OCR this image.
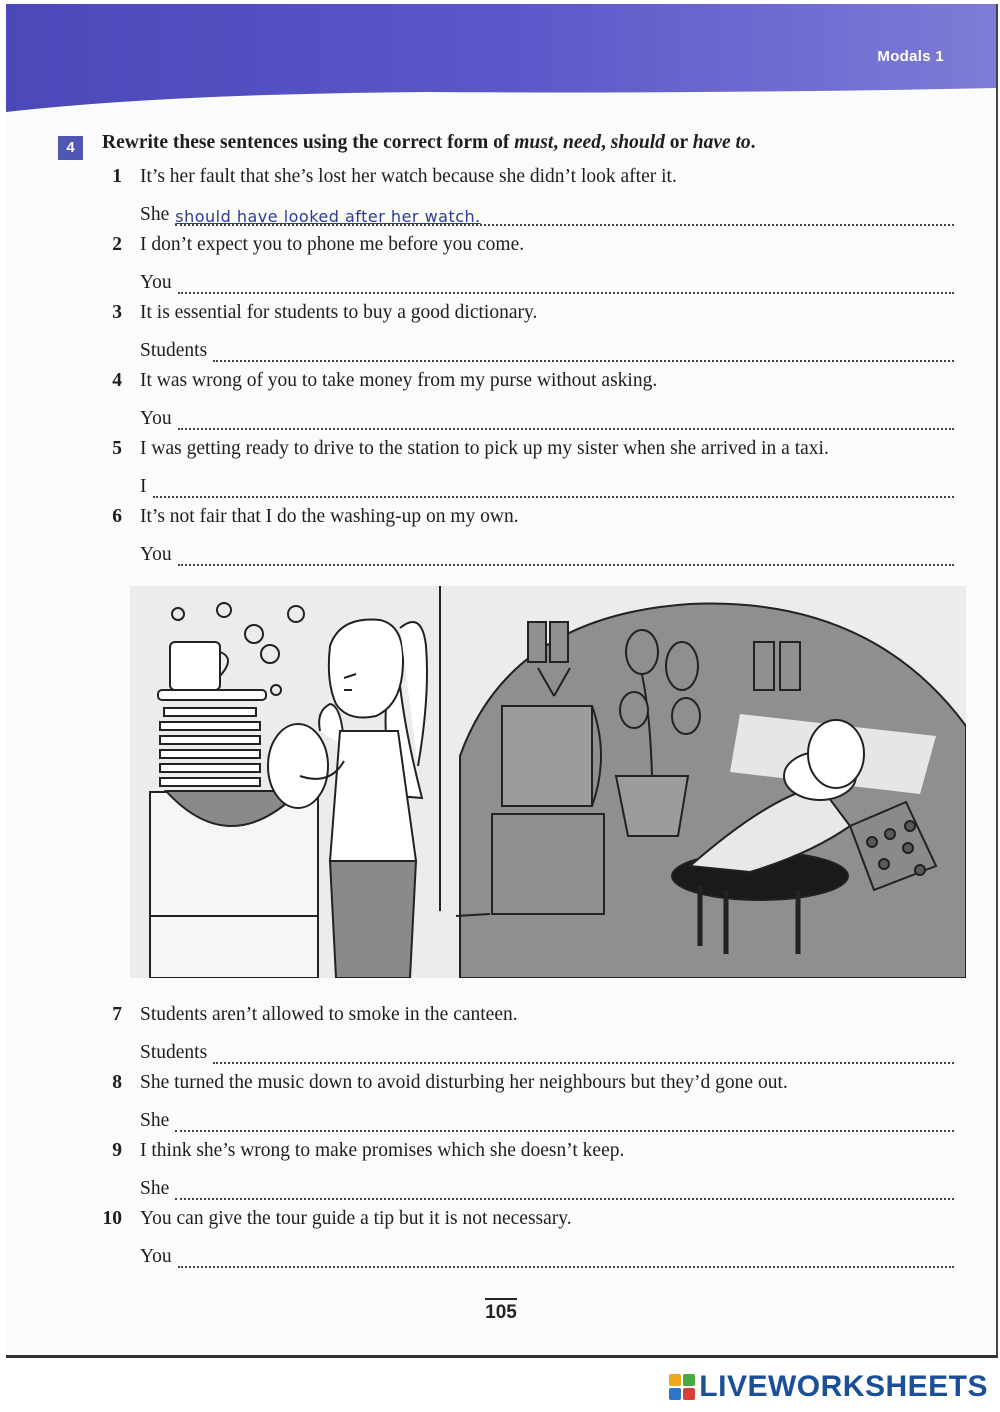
Modals 1
4	Rewrite these sentences using the correct form of must, need, should or have to.
1 It’s her fault that she’s lost her watch because she didn’t look after it.
She should have looked after her watch.
2 I don’t expect you to phone me before you come.
You
3 It is essential for students to buy a good dictionary.
Students
4 It was wrong of you to take money from my purse without asking.
You
5 I was getting ready to drive to the station to pick up my sister when she arrived in a taxi.
I
6 It’s not fair that I do the washing-up on my own.
You
7 Students aren’t allowed to smoke in the canteen.
Students
8 She turned the music down to avoid disturbing her neighbours but they’d gone out.
She
9 I think she’s wrong to make promises which she doesn’t keep.
She
10 You can give the tour guide a tip but it is not necessary.
You
105
LIVEWORKSHEETS
